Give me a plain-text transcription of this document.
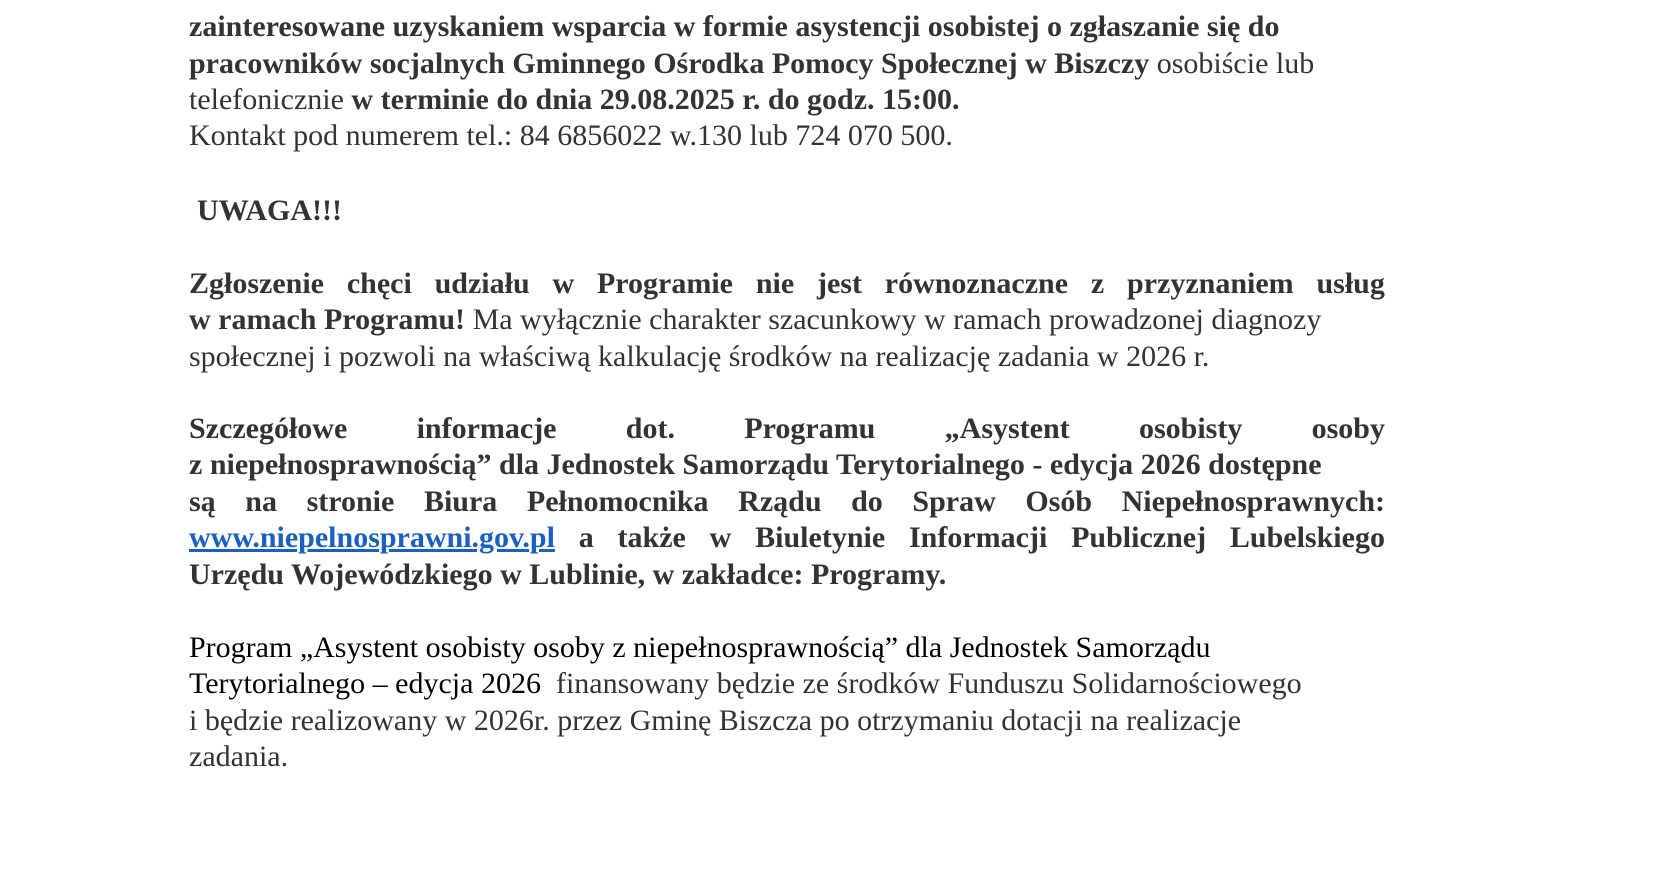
zainteresowane uzyskaniem wsparcia w formie asystencji osobistej o zgłaszanie się do
pracowników socjalnych Gminnego Ośrodka Pomocy Społecznej w Biszczy osobiście lub
telefonicznie w terminie do dnia 29.08.2025 r. do godz. 15:00.
Kontakt pod numerem tel.: 84 6856022 w.130 lub 724 070 500.
UWAGA!!!
Zgłoszenie chęci udziału w Programie nie jest równoznaczne z przyznaniem usług
w ramach Programu! Ma wyłącznie charakter szacunkowy w ramach prowadzonej diagnozy
społecznej i pozwoli na właściwą kalkulację środków na realizację zadania w 2026 r.
Szczegółowe informacje dot. Programu „Asystent osobisty osoby
z niepełnosprawnością” dla Jednostek Samorządu Terytorialnego - edycja 2026 dostępne
są na stronie Biura Pełnomocnika Rządu do Spraw Osób Niepełnosprawnych:
www.niepelnosprawni.gov.pl a także w Biuletynie Informacji Publicznej Lubelskiego
Urzędu Wojewódzkiego w Lublinie, w zakładce: Programy.
Program „Asystent osobisty osoby z niepełnosprawnością” dla Jednostek Samorządu
Terytorialnego – edycja 2026  finansowany będzie ze środków Funduszu Solidarnościowego
i będzie realizowany w 2026r. przez Gminę Biszcza po otrzymaniu dotacji na realizacje
zadania.
